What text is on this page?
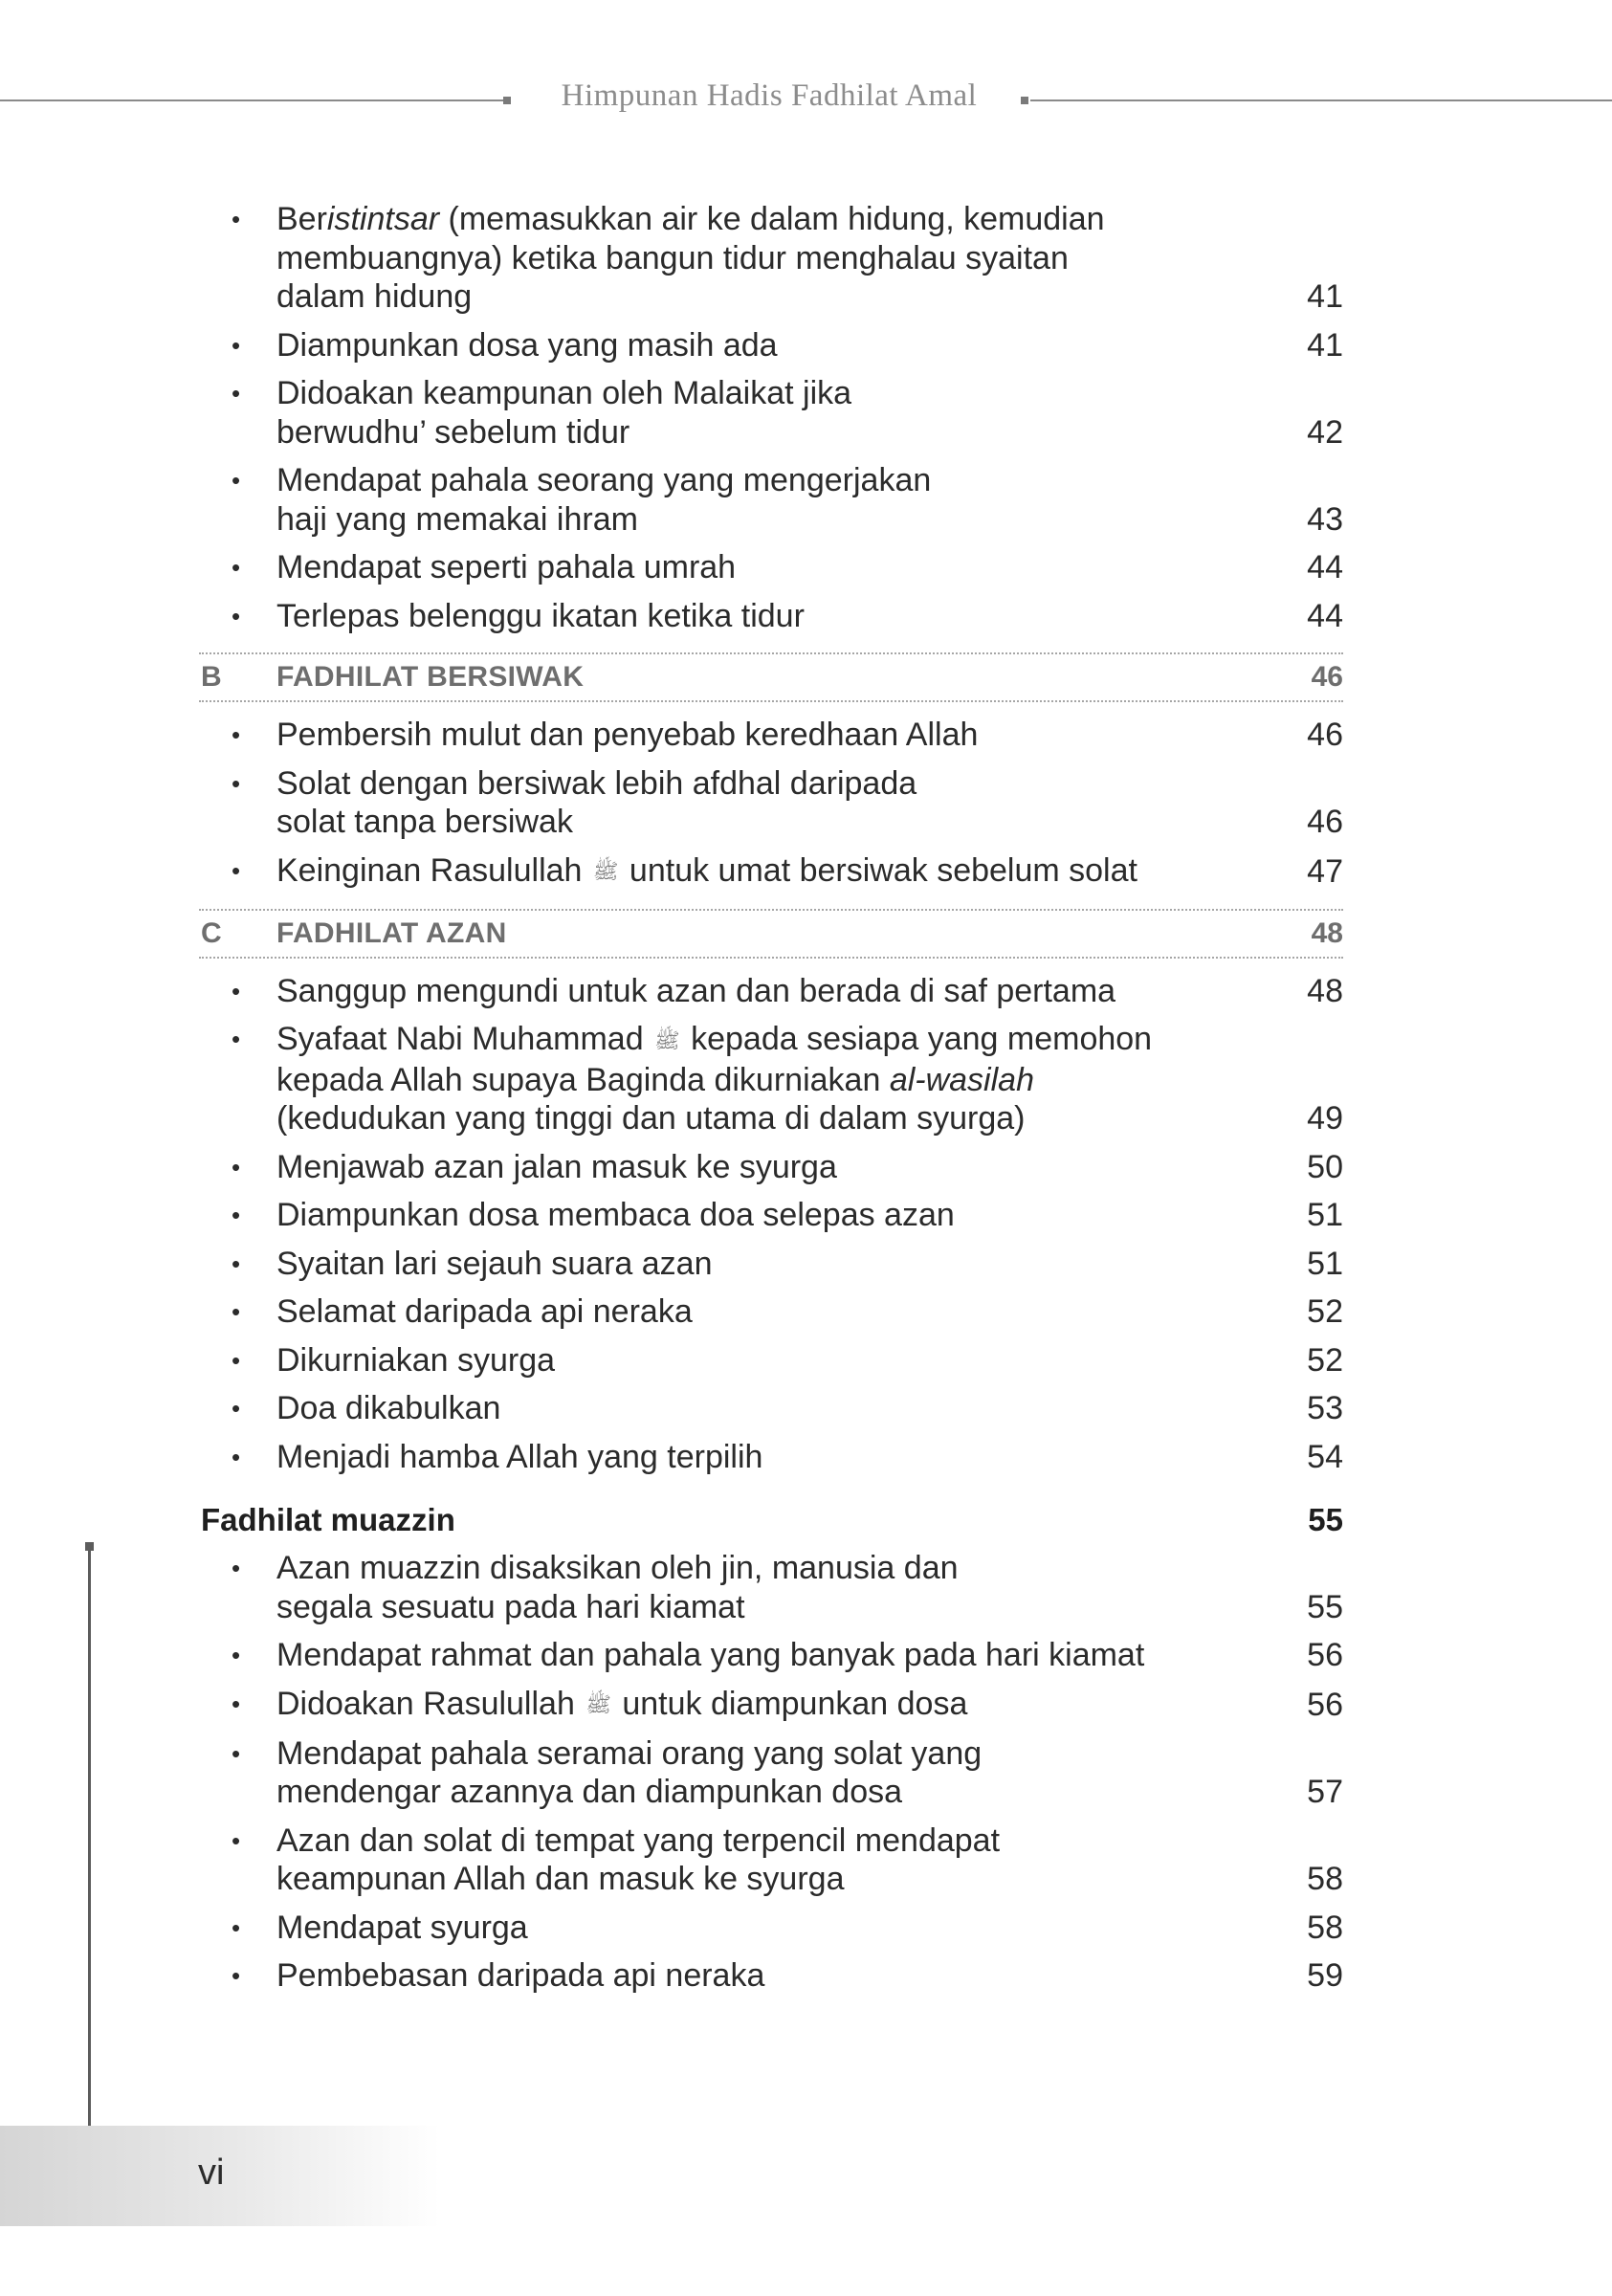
Himpunan Hadis Fadhilat Amal
•	Beristintsar (memasukkan air ke dalam hidung, kemudian
membuangnya) ketika bangun tidur menghalau syaitan
dalam hidung	41
•	Diampunkan dosa yang masih ada	41
•	Didoakan keampunan oleh Malaikat jika
berwudhu’ sebelum tidur	42
•	Mendapat pahala seorang yang mengerjakan
haji yang memakai ihram	43
•	Mendapat seperti pahala umrah	44
•	Terlepas belenggu ikatan ketika tidur	44
B FADHILAT BERSIWAK	46
•	Pembersih mulut dan penyebab keredhaan Allah	46
•	Solat dengan bersiwak lebih afdhal daripada
solat tanpa bersiwak	46
•	Keinginan Rasulullah ﷺ untuk umat bersiwak sebelum solat	47
C FADHILAT AZAN	48
•	Sanggup mengundi untuk azan dan berada di saf pertama	48
•	Syafaat Nabi Muhammad ﷺ kepada sesiapa yang memohon
kepada Allah supaya Baginda dikurniakan al-wasilah
(kedudukan yang tinggi dan utama di dalam syurga)	49
•	Menjawab azan jalan masuk ke syurga	50
•	Diampunkan dosa membaca doa selepas azan	51
•	Syaitan lari sejauh suara azan	51
•	Selamat daripada api neraka	52
•	Dikurniakan syurga	52
•	Doa dikabulkan	53
•	Menjadi hamba Allah yang terpilih	54
Fadhilat muazzin	55
•	Azan muazzin disaksikan oleh jin, manusia dan
segala sesuatu pada hari kiamat	55
•	Mendapat rahmat dan pahala yang banyak pada hari kiamat	56
•	Didoakan Rasulullah ﷺ untuk diampunkan dosa	56
•	Mendapat pahala seramai orang yang solat yang
mendengar azannya dan diampunkan dosa	57
•	Azan dan solat di tempat yang terpencil mendapat
keampunan Allah dan masuk ke syurga	58
•	Mendapat syurga	58
•	Pembebasan daripada api neraka	59
vi
